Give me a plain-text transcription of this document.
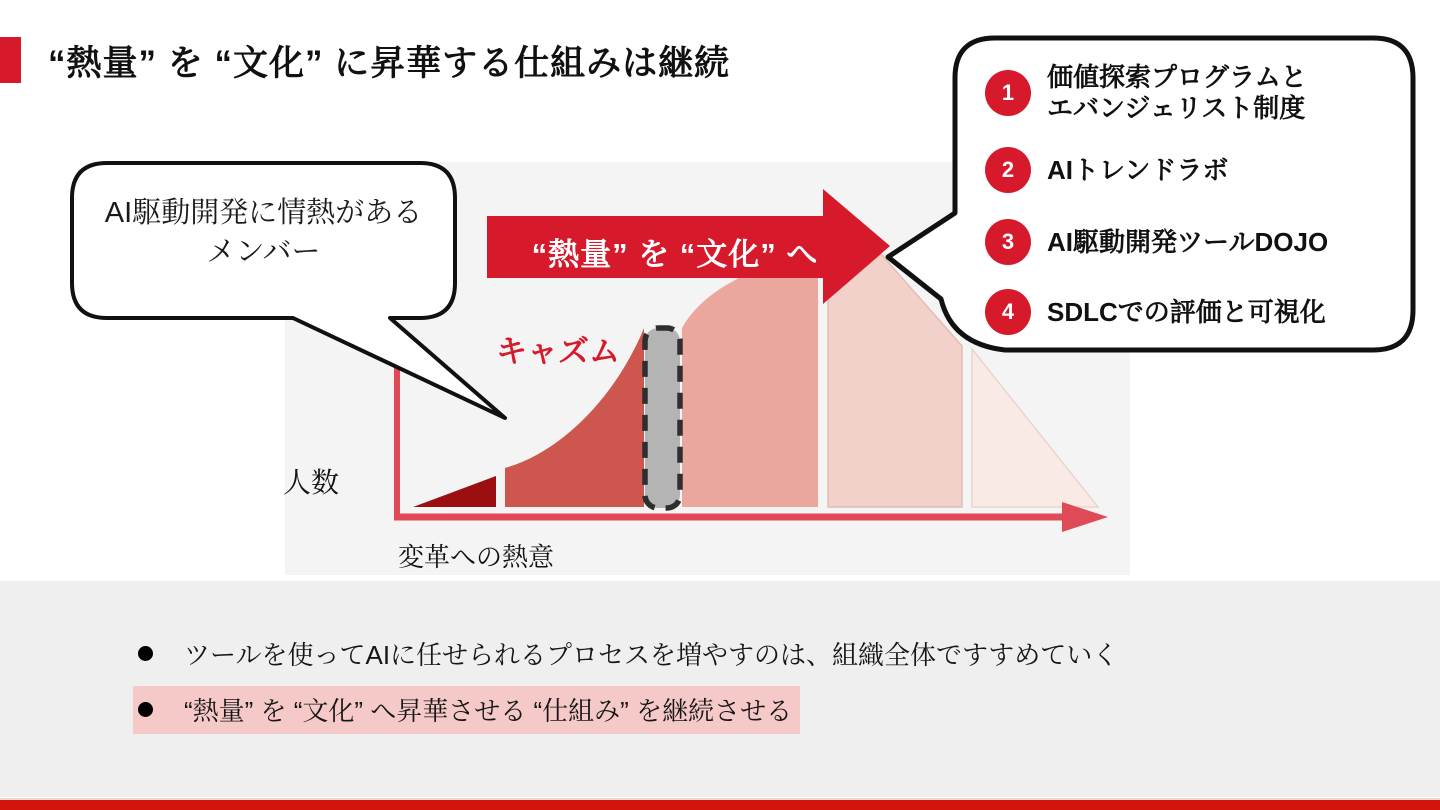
“熱量” を “文化” に昇華する仕組みは継続
AI駆動開発に情熱がある
メンバー	“熱量” を “文化” へ
キャズム
人数
変革への熱意
1
価値探索プログラムと
エバンジェリスト制度
2	AIトレンドラボ
3	AI駆動開発ツールDOJO
4	SDLCでの評価と可視化
ツールを使ってAIに任せられるプロセスを増やすのは、組織全体ですすめていく
“熱量” を “文化” へ昇華させる “仕組み” を継続させる
